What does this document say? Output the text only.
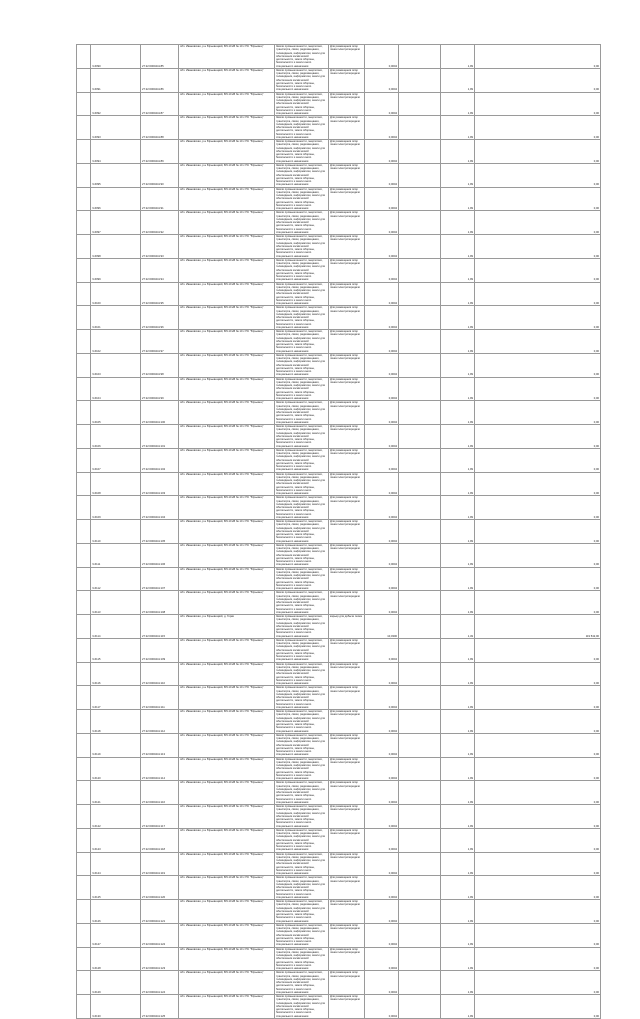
	Ч-6090	27:22:0000441:85	обл. Ивановская, р-н Юрьевецкий, ВЛ-10 кВ № 10 с ПС "Юрьевец"	Земли промышленности, энергетики, транспорта, связи, радиовещания, телевидения, информатики, земли для обеспечения космической деятельности, земли обороны, безопасности и земли иного специального назначения	Для размещения опор линии электропередачи	0,0004		1,99	0,00
	Ч-6091	27:22:0000441:86	обл. Ивановская, р-н Юрьевецкий, ВЛ-10 кВ № 10 с ПС "Юрьевец"	Земли промышленности, энергетики, транспорта, связи, радиовещания, телевидения, информатики, земли для обеспечения космической деятельности, земли обороны, безопасности и земли иного специального назначения	Для размещения опор линии электропередачи	0,0004		1,99	0,00
	Ч-6092	27:22:0000441:87	обл. Ивановская, р-н Юрьевецкий, ВЛ-10 кВ № 10 с ПС "Юрьевец"	Земли промышленности, энергетики, транспорта, связи, радиовещания, телевидения, информатики, земли для обеспечения космической деятельности, земли обороны, безопасности и земли иного специального назначения	Для размещения опор линии электропередачи	0,0004		1,99	0,00
	Ч-6093	27:22:0000441:88	обл. Ивановская, р-н Юрьевецкий, ВЛ-10 кВ № 10 с ПС "Юрьевец"	Земли промышленности, энергетики, транспорта, связи, радиовещания, телевидения, информатики, земли для обеспечения космической деятельности, земли обороны, безопасности и земли иного специального назначения	Для размещения опор линии электропередачи	0,0004		1,99	0,00
	Ч-6094	27:22:0000441:89	обл. Ивановская, р-н Юрьевецкий, ВЛ-10 кВ № 10 с ПС "Юрьевец"	Земли промышленности, энергетики, транспорта, связи, радиовещания, телевидения, информатики, земли для обеспечения космической деятельности, земли обороны, безопасности и земли иного специального назначения	Для размещения опор линии электропередачи	0,0004		1,99	0,00
	Ч-6095	27:22:0000441:90	обл. Ивановская, р-н Юрьевецкий, ВЛ-10 кВ № 10 с ПС "Юрьевец"	Земли промышленности, энергетики, транспорта, связи, радиовещания, телевидения, информатики, земли для обеспечения космической деятельности, земли обороны, безопасности и земли иного специального назначения	Для размещения опор линии электропередачи	0,0004		1,99	0,00
	Ч-6096	27:22:0000441:91	обл. Ивановская, р-н Юрьевецкий, ВЛ-10 кВ № 10 с ПС "Юрьевец"	Земли промышленности, энергетики, транспорта, связи, радиовещания, телевидения, информатики, земли для обеспечения космической деятельности, земли обороны, безопасности и земли иного специального назначения	Для размещения опор линии электропередачи	0,0004		1,99	0,00
	Ч-6097	27:22:0000441:92	обл. Ивановская, р-н Юрьевецкий, ВЛ-10 кВ № 10 с ПС "Юрьевец"	Земли промышленности, энергетики, транспорта, связи, радиовещания, телевидения, информатики, земли для обеспечения космической деятельности, земли обороны, безопасности и земли иного специального назначения	Для размещения опор линии электропередачи	0,0004		1,99	0,00
	Ч-6098	27:22:0000441:93	обл. Ивановская, р-н Юрьевецкий, ВЛ-10 кВ № 10 с ПС "Юрьевец"	Земли промышленности, энергетики, транспорта, связи, радиовещания, телевидения, информатики, земли для обеспечения космической деятельности, земли обороны, безопасности и земли иного специального назначения	Для размещения опор линии электропередачи	0,0004		1,99	0,00
	Ч-6099	27:22:0000441:94	обл. Ивановская, р-н Юрьевецкий, ВЛ-10 кВ № 10 с ПС "Юрьевец"	Земли промышленности, энергетики, транспорта, связи, радиовещания, телевидения, информатики, земли для обеспечения космической деятельности, земли обороны, безопасности и земли иного специального назначения	Для размещения опор линии электропередачи	0,0004		1,99	0,00
	Ч-6100	27:22:0000441:95	обл. Ивановская, р-н Юрьевецкий, ВЛ-10 кВ № 10 с ПС "Юрьевец"	Земли промышленности, энергетики, транспорта, связи, радиовещания, телевидения, информатики, земли для обеспечения космической деятельности, земли обороны, безопасности и земли иного специального назначения	Для размещения опор линии электропередачи	0,0004		1,99	0,00
	Ч-6101	27:22:0000441:96	обл. Ивановская, р-н Юрьевецкий, ВЛ-10 кВ № 10 с ПС "Юрьевец"	Земли промышленности, энергетики, транспорта, связи, радиовещания, телевидения, информатики, земли для обеспечения космической деятельности, земли обороны, безопасности и земли иного специального назначения	Для размещения опор линии электропередачи	0,0004		1,99	0,00
	Ч-6102	27:22:0000441:97	обл. Ивановская, р-н Юрьевецкий, ВЛ-10 кВ № 10 с ПС "Юрьевец"	Земли промышленности, энергетики, транспорта, связи, радиовещания, телевидения, информатики, земли для обеспечения космической деятельности, земли обороны, безопасности и земли иного специального назначения	Для размещения опор линии электропередачи	0,0004		1,99	0,00
	Ч-6103	27:22:0000441:98	обл. Ивановская, р-н Юрьевецкий, ВЛ-10 кВ № 10 с ПС "Юрьевец"	Земли промышленности, энергетики, транспорта, связи, радиовещания, телевидения, информатики, земли для обеспечения космической деятельности, земли обороны, безопасности и земли иного специального назначения	Для размещения опор линии электропередачи	0,0004		1,99	0,00
	Ч-6104	27:22:0000441:99	обл. Ивановская, р-н Юрьевецкий, ВЛ-10 кВ № 10 с ПС "Юрьевец"	Земли промышленности, энергетики, транспорта, связи, радиовещания, телевидения, информатики, земли для обеспечения космической деятельности, земли обороны, безопасности и земли иного специального назначения	Для размещения опор линии электропередачи	0,0004		1,99	0,00
	Ч-6105	27:22:0000441:100	обл. Ивановская, р-н Юрьевецкий, ВЛ-10 кВ № 10 с ПС "Юрьевец"	Земли промышленности, энергетики, транспорта, связи, радиовещания, телевидения, информатики, земли для обеспечения космической деятельности, земли обороны, безопасности и земли иного специального назначения	Для размещения опор линии электропередачи	0,0004		1,99	0,00
	Ч-6106	27:22:0000441:101	обл. Ивановская, р-н Юрьевецкий, ВЛ-10 кВ № 10 с ПС "Юрьевец"	Земли промышленности, энергетики, транспорта, связи, радиовещания, телевидения, информатики, земли для обеспечения космической деятельности, земли обороны, безопасности и земли иного специального назначения	Для размещения опор линии электропередачи	0,0004		1,99	0,00
	Ч-6107	27:22:0000441:102	обл. Ивановская, р-н Юрьевецкий, ВЛ-10 кВ № 10 с ПС "Юрьевец"	Земли промышленности, энергетики, транспорта, связи, радиовещания, телевидения, информатики, земли для обеспечения космической деятельности, земли обороны, безопасности и земли иного специального назначения	Для размещения опор линии электропередачи	0,0004		1,99	0,00
	Ч-6108	27:22:0000441:103	обл. Ивановская, р-н Юрьевецкий, ВЛ-10 кВ № 10 с ПС "Юрьевец"	Земли промышленности, энергетики, транспорта, связи, радиовещания, телевидения, информатики, земли для обеспечения космической деятельности, земли обороны, безопасности и земли иного специального назначения	Для размещения опор линии электропередачи	0,0004		1,99	0,00
	Ч-6109	27:22:0000441:104	обл. Ивановская, р-н Юрьевецкий, ВЛ-10 кВ № 10 с ПС "Юрьевец"	Земли промышленности, энергетики, транспорта, связи, радиовещания, телевидения, информатики, земли для обеспечения космической деятельности, земли обороны, безопасности и земли иного специального назначения	Для размещения опор линии электропередачи	0,0004		1,99	0,00
	Ч-6110	27:22:0000441:105	обл. Ивановская, р-н Юрьевецкий, ВЛ-10 кВ № 10 с ПС "Юрьевец"	Земли промышленности, энергетики, транспорта, связи, радиовещания, телевидения, информатики, земли для обеспечения космической деятельности, земли обороны, безопасности и земли иного специального назначения	Для размещения опор линии электропередачи	0,0004		1,99	0,00
	Ч-6111	27:22:0000441:106	обл. Ивановская, р-н Юрьевецкий, ВЛ-10 кВ № 10 с ПС "Юрьевец"	Земли промышленности, энергетики, транспорта, связи, радиовещания, телевидения, информатики, земли для обеспечения космической деятельности, земли обороны, безопасности и земли иного специального назначения	Для размещения опор линии электропередачи	0,0004		1,99	0,00
	Ч-6112	27:22:0000441:107	обл. Ивановская, р-н Юрьевецкий, ВЛ-10 кВ № 10 с ПС "Юрьевец"	Земли промышленности, энергетики, транспорта, связи, радиовещания, телевидения, информатики, земли для обеспечения космической деятельности, земли обороны, безопасности и земли иного специального назначения	Для размещения опор линии электропередачи	0,0004		1,99	0,00
	Ч-6113	27:22:0000441:108	обл. Ивановская, р-н Юрьевецкий, ВЛ-10 кВ № 10 с ПС "Юрьевец"	Земли промышленности, энергетики, транспорта, связи, радиовещания, телевидения, информатики, земли для обеспечения космической деятельности, земли обороны, безопасности и земли иного специального назначения	Для размещения опор линии электропередачи	0,0004		1,99	0,00
	Ч-6114	27:22:0000441:115	обл. Ивановская, р-н Юрьевецкий, д. Горки	Земли промышленности, энергетики, транспорта, связи, радиовещания, телевидения, информатики, земли для обеспечения космической деятельности, земли обороны, безопасности и земли иного специального назначения	карьер для добычи песка	10,0300		1,49	119 542,00
	Ч-6115	27:22:0000441:109	обл. Ивановская, р-н Юрьевецкий, ВЛ-10 кВ № 10 с ПС "Юрьевец"	Земли промышленности, энергетики, транспорта, связи, радиовещания, телевидения, информатики, земли для обеспечения космической деятельности, земли обороны, безопасности и земли иного специального назначения	Для размещения опор линии электропередачи	0,0004		1,99	0,00
	Ч-6116	27:22:0000441:110	обл. Ивановская, р-н Юрьевецкий, ВЛ-10 кВ № 10 с ПС "Юрьевец"	Земли промышленности, энергетики, транспорта, связи, радиовещания, телевидения, информатики, земли для обеспечения космической деятельности, земли обороны, безопасности и земли иного специального назначения	Для размещения опор линии электропередачи	0,0004		1,99	0,00
	Ч-6117	27:22:0000441:111	обл. Ивановская, р-н Юрьевецкий, ВЛ-10 кВ № 10 с ПС "Юрьевец"	Земли промышленности, энергетики, транспорта, связи, радиовещания, телевидения, информатики, земли для обеспечения космической деятельности, земли обороны, безопасности и земли иного специального назначения	Для размещения опор линии электропередачи	0,0004		1,99	0,00
	Ч-6118	27:22:0000441:112	обл. Ивановская, р-н Юрьевецкий, ВЛ-10 кВ № 10 с ПС "Юрьевец"	Земли промышленности, энергетики, транспорта, связи, радиовещания, телевидения, информатики, земли для обеспечения космической деятельности, земли обороны, безопасности и земли иного специального назначения	Для размещения опор линии электропередачи	0,0004		1,99	0,00
	Ч-6119	27:22:0000441:113	обл. Ивановская, р-н Юрьевецкий, ВЛ-10 кВ № 10 с ПС "Юрьевец"	Земли промышленности, энергетики, транспорта, связи, радиовещания, телевидения, информатики, земли для обеспечения космической деятельности, земли обороны, безопасности и земли иного специального назначения	Для размещения опор линии электропередачи	0,0004		1,99	0,00
	Ч-6120	27:22:0000441:114	обл. Ивановская, р-н Юрьевецкий, ВЛ-10 кВ № 10 с ПС "Юрьевец"	Земли промышленности, энергетики, транспорта, связи, радиовещания, телевидения, информатики, земли для обеспечения космической деятельности, земли обороны, безопасности и земли иного специального назначения	Для размещения опор линии электропередачи	0,0004		1,99	0,00
	Ч-6121	27:22:0000441:116	обл. Ивановская, р-н Юрьевецкий, ВЛ-10 кВ № 10 с ПС "Юрьевец"	Земли промышленности, энергетики, транспорта, связи, радиовещания, телевидения, информатики, земли для обеспечения космической деятельности, земли обороны, безопасности и земли иного специального назначения	Для размещения опор линии электропередачи	0,0004		1,99	0,00
	Ч-6122	27:22:0000441:117	обл. Ивановская, р-н Юрьевецкий, ВЛ-10 кВ № 10 с ПС "Юрьевец"	Земли промышленности, энергетики, транспорта, связи, радиовещания, телевидения, информатики, земли для обеспечения космической деятельности, земли обороны, безопасности и земли иного специального назначения	Для размещения опор линии электропередачи	0,0004		1,99	0,00
	Ч-6123	27:22:0000441:118	обл. Ивановская, р-н Юрьевецкий, ВЛ-10 кВ № 10 с ПС "Юрьевец"	Земли промышленности, энергетики, транспорта, связи, радиовещания, телевидения, информатики, земли для обеспечения космической деятельности, земли обороны, безопасности и земли иного специального назначения	Для размещения опор линии электропередачи	0,0004		1,99	0,00
	Ч-6124	27:22:0000441:119	обл. Ивановская, р-н Юрьевецкий, ВЛ-10 кВ № 10 с ПС "Юрьевец"	Земли промышленности, энергетики, транспорта, связи, радиовещания, телевидения, информатики, земли для обеспечения космической деятельности, земли обороны, безопасности и земли иного специального назначения	Для размещения опор линии электропередачи	0,0004		1,99	0,00
	Ч-6125	27:22:0000441:120	обл. Ивановская, р-н Юрьевецкий, ВЛ-10 кВ № 10 с ПС "Юрьевец"	Земли промышленности, энергетики, транспорта, связи, радиовещания, телевидения, информатики, земли для обеспечения космической деятельности, земли обороны, безопасности и земли иного специального назначения	Для размещения опор линии электропередачи	0,0004		1,99	0,00
	Ч-6126	27:22:0000441:121	обл. Ивановская, р-н Юрьевецкий, ВЛ-10 кВ № 10 с ПС "Юрьевец"	Земли промышленности, энергетики, транспорта, связи, радиовещания, телевидения, информатики, земли для обеспечения космической деятельности, земли обороны, безопасности и земли иного специального назначения	Для размещения опор линии электропередачи	0,0004		1,99	0,00
	Ч-6127	27:22:0000441:122	обл. Ивановская, р-н Юрьевецкий, ВЛ-10 кВ № 10 с ПС "Юрьевец"	Земли промышленности, энергетики, транспорта, связи, радиовещания, телевидения, информатики, земли для обеспечения космической деятельности, земли обороны, безопасности и земли иного специального назначения	Для размещения опор линии электропередачи	0,0004		1,99	0,00
	Ч-6128	27:22:0000441:123	обл. Ивановская, р-н Юрьевецкий, ВЛ-10 кВ № 10 с ПС "Юрьевец"	Земли промышленности, энергетики, транспорта, связи, радиовещания, телевидения, информатики, земли для обеспечения космической деятельности, земли обороны, безопасности и земли иного специального назначения	Для размещения опор линии электропередачи	0,0004		1,99	0,00
	Ч-6129	27:22:0000441:124	обл. Ивановская, р-н Юрьевецкий, ВЛ-10 кВ № 10 с ПС "Юрьевец"	Земли промышленности, энергетики, транспорта, связи, радиовещания, телевидения, информатики, земли для обеспечения космической деятельности, земли обороны, безопасности и земли иного специального назначения	Для размещения опор линии электропередачи	0,0004		1,99	0,00
	Ч-6130	27:22:0000441:125	обл. Ивановская, р-н Юрьевецкий, ВЛ-10 кВ № 10 с ПС "Юрьевец"	Земли промышленности, энергетики, транспорта, связи, радиовещания, телевидения, информатики, земли для обеспечения космической деятельности, земли обороны, безопасности и земли иного специального назначения	Для размещения опор линии электропередачи	0,0004		1,99	0,00
